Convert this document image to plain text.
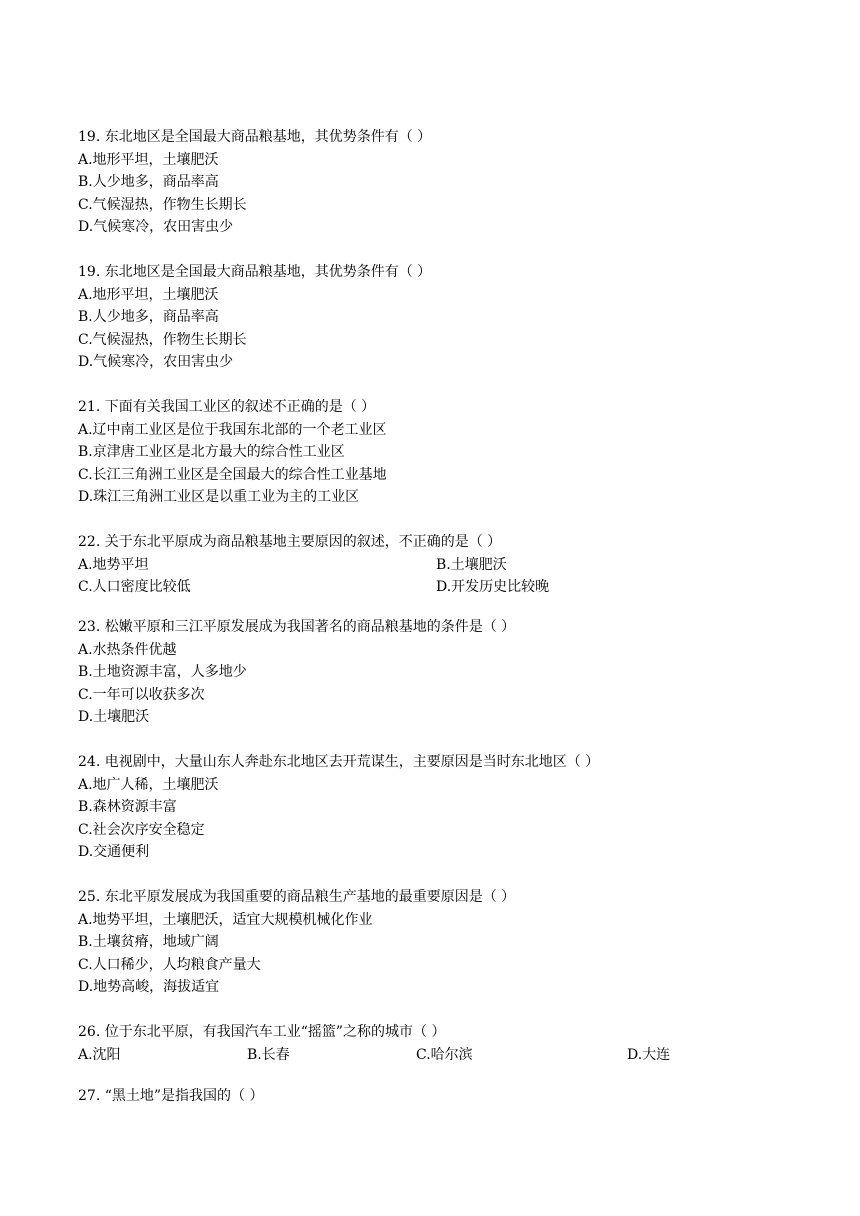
19. 东北地区是全国最大商品粮基地，其优势条件有（ ）
A.地形平坦，土壤肥沃
B.人少地多，商品率高
C.气候湿热，作物生长期长
D.气候寒冷，农田害虫少
19. 东北地区是全国最大商品粮基地，其优势条件有（ ）
A.地形平坦，土壤肥沃
B.人少地多，商品率高
C.气候湿热，作物生长期长
D.气候寒冷，农田害虫少
21. 下面有关我国工业区的叙述不正确的是（ ）
A.辽中南工业区是位于我国东北部的一个老工业区
B.京津唐工业区是北方最大的综合性工业区
C.长江三角洲工业区是全国最大的综合性工业基地
D.珠江三角洲工业区是以重工业为主的工业区
22. 关于东北平原成为商品粮基地主要原因的叙述，不正确的是（ ）
A.地势平坦	B.土壤肥沃
C.人口密度比较低	D.开发历史比较晚
23. 松嫩平原和三江平原发展成为我国著名的商品粮基地的条件是（ ）
A.水热条件优越
B.土地资源丰富，人多地少
C.一年可以收获多次
D.土壤肥沃
24. 电视剧中，大量山东人奔赴东北地区去开荒谋生，主要原因是当时东北地区（ ）
A.地广人稀，土壤肥沃
B.森林资源丰富
C.社会次序安全稳定
D.交通便利
25. 东北平原发展成为我国重要的商品粮生产基地的最重要原因是（ ）
A.地势平坦，土壤肥沃，适宜大规模机械化作业
B.土壤贫瘠，地域广阔
C.人口稀少，人均粮食产量大
D.地势高峻，海拔适宜
26. 位于东北平原，有我国汽车工业“摇篮”之称的城市（ ）
A.沈阳	B.长春	C.哈尔滨	D.大连
27. “黑土地”是指我国的（ ）
